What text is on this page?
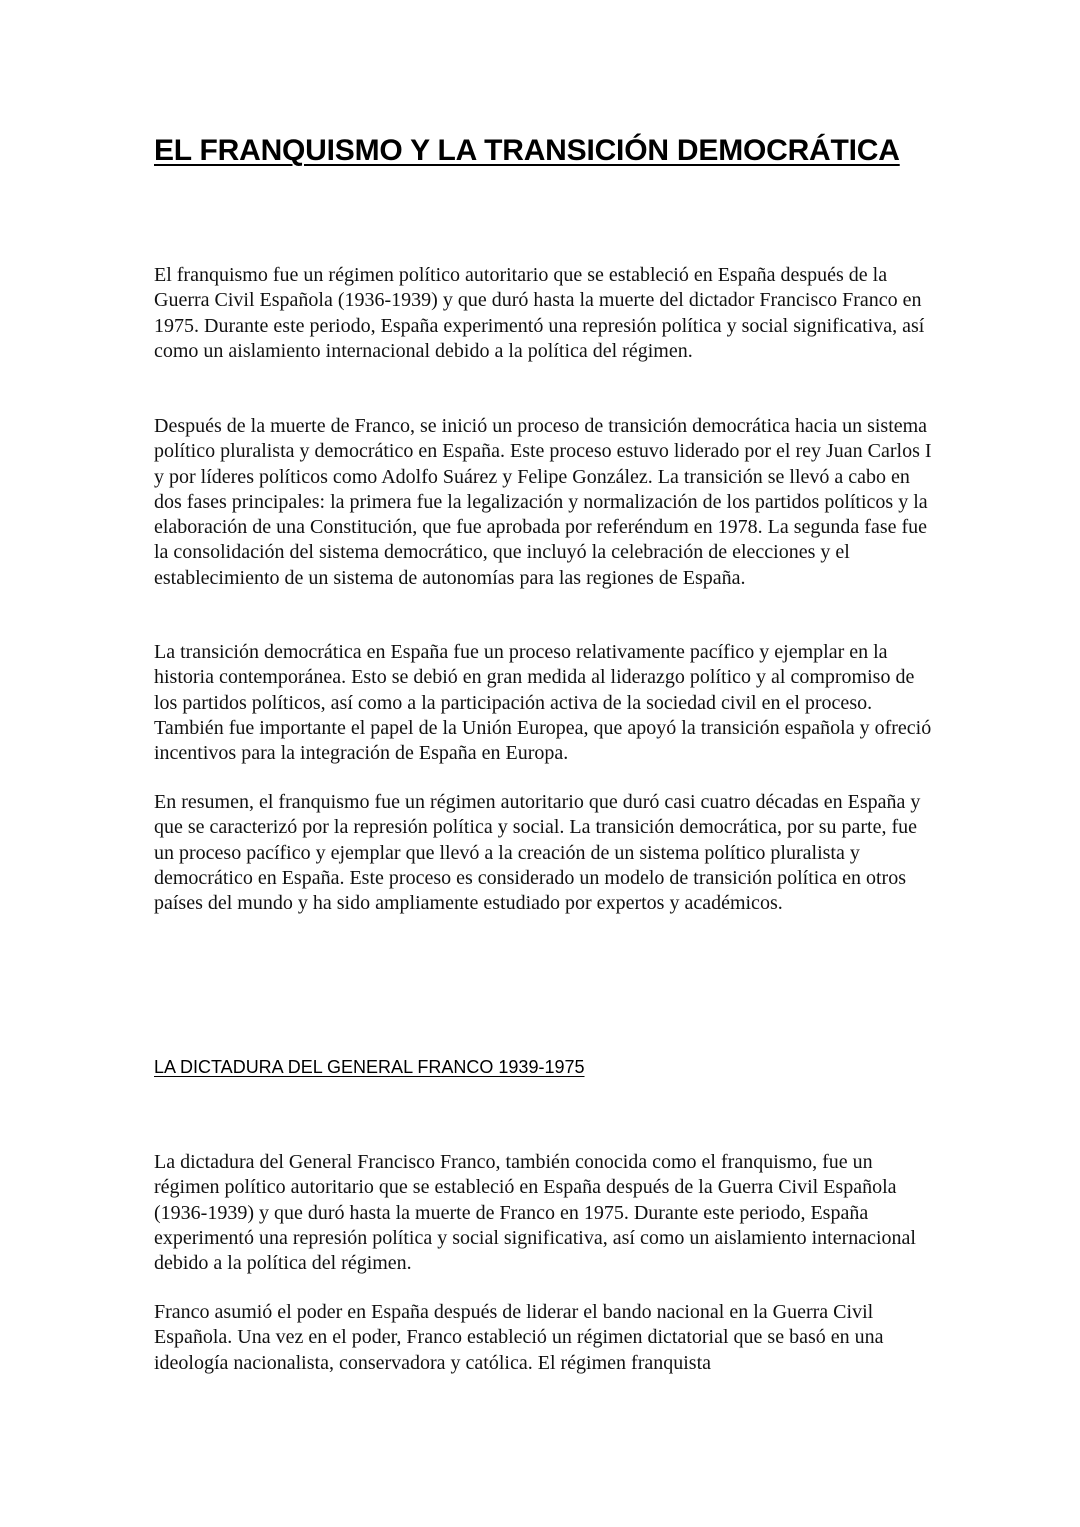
EL FRANQUISMO Y LA TRANSICIÓN DEMOCRÁTICA

El franquismo fue un régimen político autoritario que se estableció en España después de la Guerra Civil Española (1936-1939) y que duró hasta la muerte del dictador Francisco Franco en 1975. Durante este periodo, España experimentó una represión política y social significativa, así como un aislamiento internacional debido a la política del régimen.

Después de la muerte de Franco, se inició un proceso de transición democrática hacia un sistema político pluralista y democrático en España. Este proceso estuvo liderado por el rey Juan Carlos I y por líderes políticos como Adolfo Suárez y Felipe González. La transición se llevó a cabo en dos fases principales: la primera fue la legalización y normalización de los partidos políticos y la elaboración de una Constitución, que fue aprobada por referéndum en 1978. La segunda fase fue la consolidación del sistema democrático, que incluyó la celebración de elecciones y el establecimiento de un sistema de autonomías para las regiones de España.

La transición democrática en España fue un proceso relativamente pacífico y ejemplar en la historia contemporánea. Esto se debió en gran medida al liderazgo político y al compromiso de los partidos políticos, así como a la participación activa de la sociedad civil en el proceso. También fue importante el papel de la Unión Europea, que apoyó la transición española y ofreció incentivos para la integración de España en Europa.

En resumen, el franquismo fue un régimen autoritario que duró casi cuatro décadas en España y que se caracterizó por la represión política y social. La transición democrática, por su parte, fue un proceso pacífico y ejemplar que llevó a la creación de un sistema político pluralista y democrático en España. Este proceso es considerado un modelo de transición política en otros países del mundo y ha sido ampliamente estudiado por expertos y académicos.

LA DICTADURA DEL GENERAL FRANCO 1939-1975

La dictadura del General Francisco Franco, también conocida como el franquismo, fue un régimen político autoritario que se estableció en España después de la Guerra Civil Española (1936-1939) y que duró hasta la muerte de Franco en 1975. Durante este periodo, España experimentó una represión política y social significativa, así como un aislamiento internacional debido a la política del régimen.

Franco asumió el poder en España después de liderar el bando nacional en la Guerra Civil Española. Una vez en el poder, Franco estableció un régimen dictatorial que se basó en una ideología nacionalista, conservadora y católica. El régimen franquista
